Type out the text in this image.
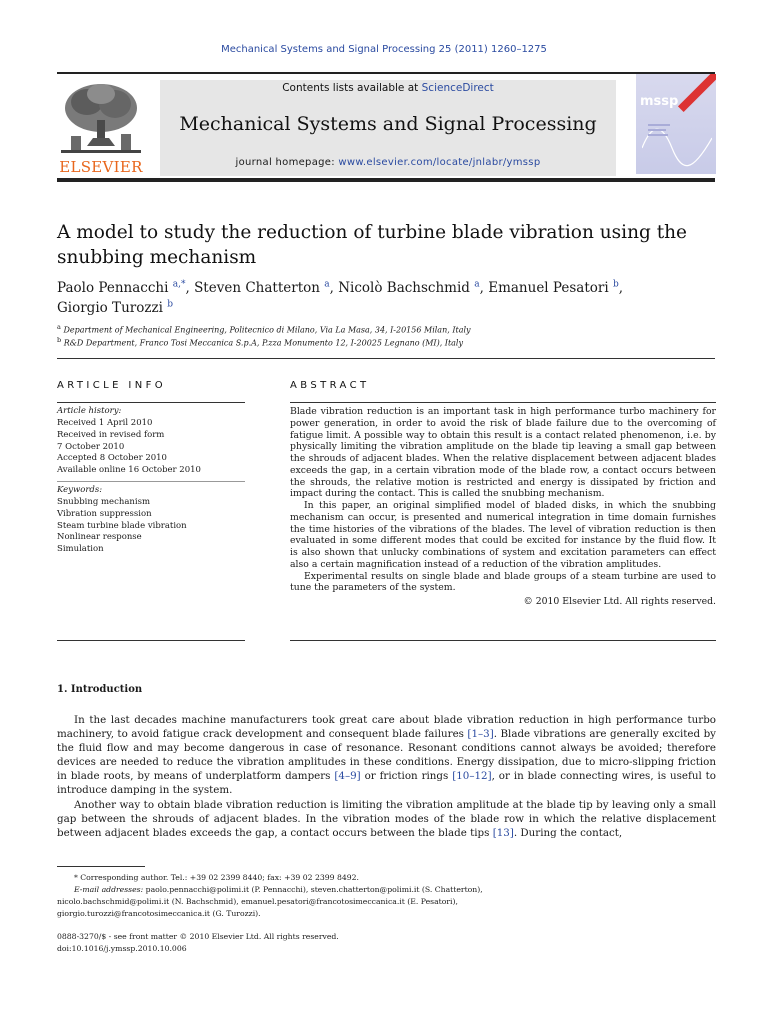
Mechanical Systems and Signal Processing 25 (2011) 1260–1275
ELSEVIER
Contents lists available at ScienceDirect
Mechanical Systems and Signal Processing
journal homepage: www.elsevier.com/locate/jnlabr/ymssp
mssp
A model to study the reduction of turbine blade vibration using the snubbing mechanism
Paolo Pennacchi $^{a,*}$, Steven Chatterton $^a$, Nicolò Bachschmid $^a$, Emanuel Pesatori $^b$,
Giorgio Turozzi $^b$
$^a$ Department of Mechanical Engineering, Politecnico di Milano, Via La Masa, 34, I-20156 Milan, Italy
$^b$ R&D Department, Franco Tosi Meccanica S.p.A, P.zza Monumento 12, I-20025 Legnano (MI), Italy
ARTICLE INFO
Article history:
Received 1 April 2010
Received in revised form
7 October 2010
Accepted 8 October 2010
Available online 16 October 2010
Keywords:
Snubbing mechanism
Vibration suppression
Steam turbine blade vibration
Nonlinear response
Simulation
ABSTRACT

Blade vibration reduction is an important task in high performance turbo machinery for power generation, in order to avoid the risk of blade failure due to the overcoming of fatigue limit. A possible way to obtain this result is a contact related phenomenon, i.e. by physically limiting the vibration amplitude on the blade tip leaving a small gap between the shrouds of adjacent blades. When the relative displacement between adjacent blades exceeds the gap, in a certain vibration mode of the blade row, a contact occurs between the shrouds, the relative motion is restricted and energy is dissipated by friction and impact during the contact. This is called the snubbing mechanism.

In this paper, an original simplified model of bladed disks, in which the snubbing mechanism can occur, is presented and numerical integration in time domain furnishes the time histories of the vibrations of the blades. The level of vibration reduction is then evaluated in some different modes that could be excited for instance by the fluid flow. It is also shown that unlucky combinations of system and excitation parameters can effect also a certain magnification instead of a reduction of the vibration amplitudes.

Experimental results on single blade and blade groups of a steam turbine are used to tune the parameters of the system.

© 2010 Elsevier Ltd. All rights reserved.

1. Introduction

In the last decades machine manufacturers took great care about blade vibration reduction in high performance turbo machinery, to avoid fatigue crack development and consequent blade failures [1–3]. Blade vibrations are generally excited by the fluid flow and may become dangerous in case of resonance. Resonant conditions cannot always be avoided; therefore devices are needed to reduce the vibration amplitudes in these conditions. Energy dissipation, due to micro-slipping friction in blade roots, by means of underplatform dampers [4–9] or friction rings [10–12], or in blade connecting wires, is useful to introduce damping in the system.

Another way to obtain blade vibration reduction is limiting the vibration amplitude at the blade tip by leaving only a small gap between the shrouds of adjacent blades. In the vibration modes of the blade row in which the relative displacement between adjacent blades exceeds the gap, a contact occurs between the blade tips [13]. During the contact,

* Corresponding author. Tel.: +39 02 2399 8440; fax: +39 02 2399 8492.
E-mail addresses: paolo.pennacchi@polimi.it (P. Pennacchi), steven.chatterton@polimi.it (S. Chatterton),
nicolo.bachschmid@polimi.it (N. Bachschmid), emanuel.pesatori@francotosimeccanica.it (E. Pesatori),
giorgio.turozzi@francotosimeccanica.it (G. Turozzi).
0888-3270/$ - see front matter © 2010 Elsevier Ltd. All rights reserved.
doi:10.1016/j.ymssp.2010.10.006
